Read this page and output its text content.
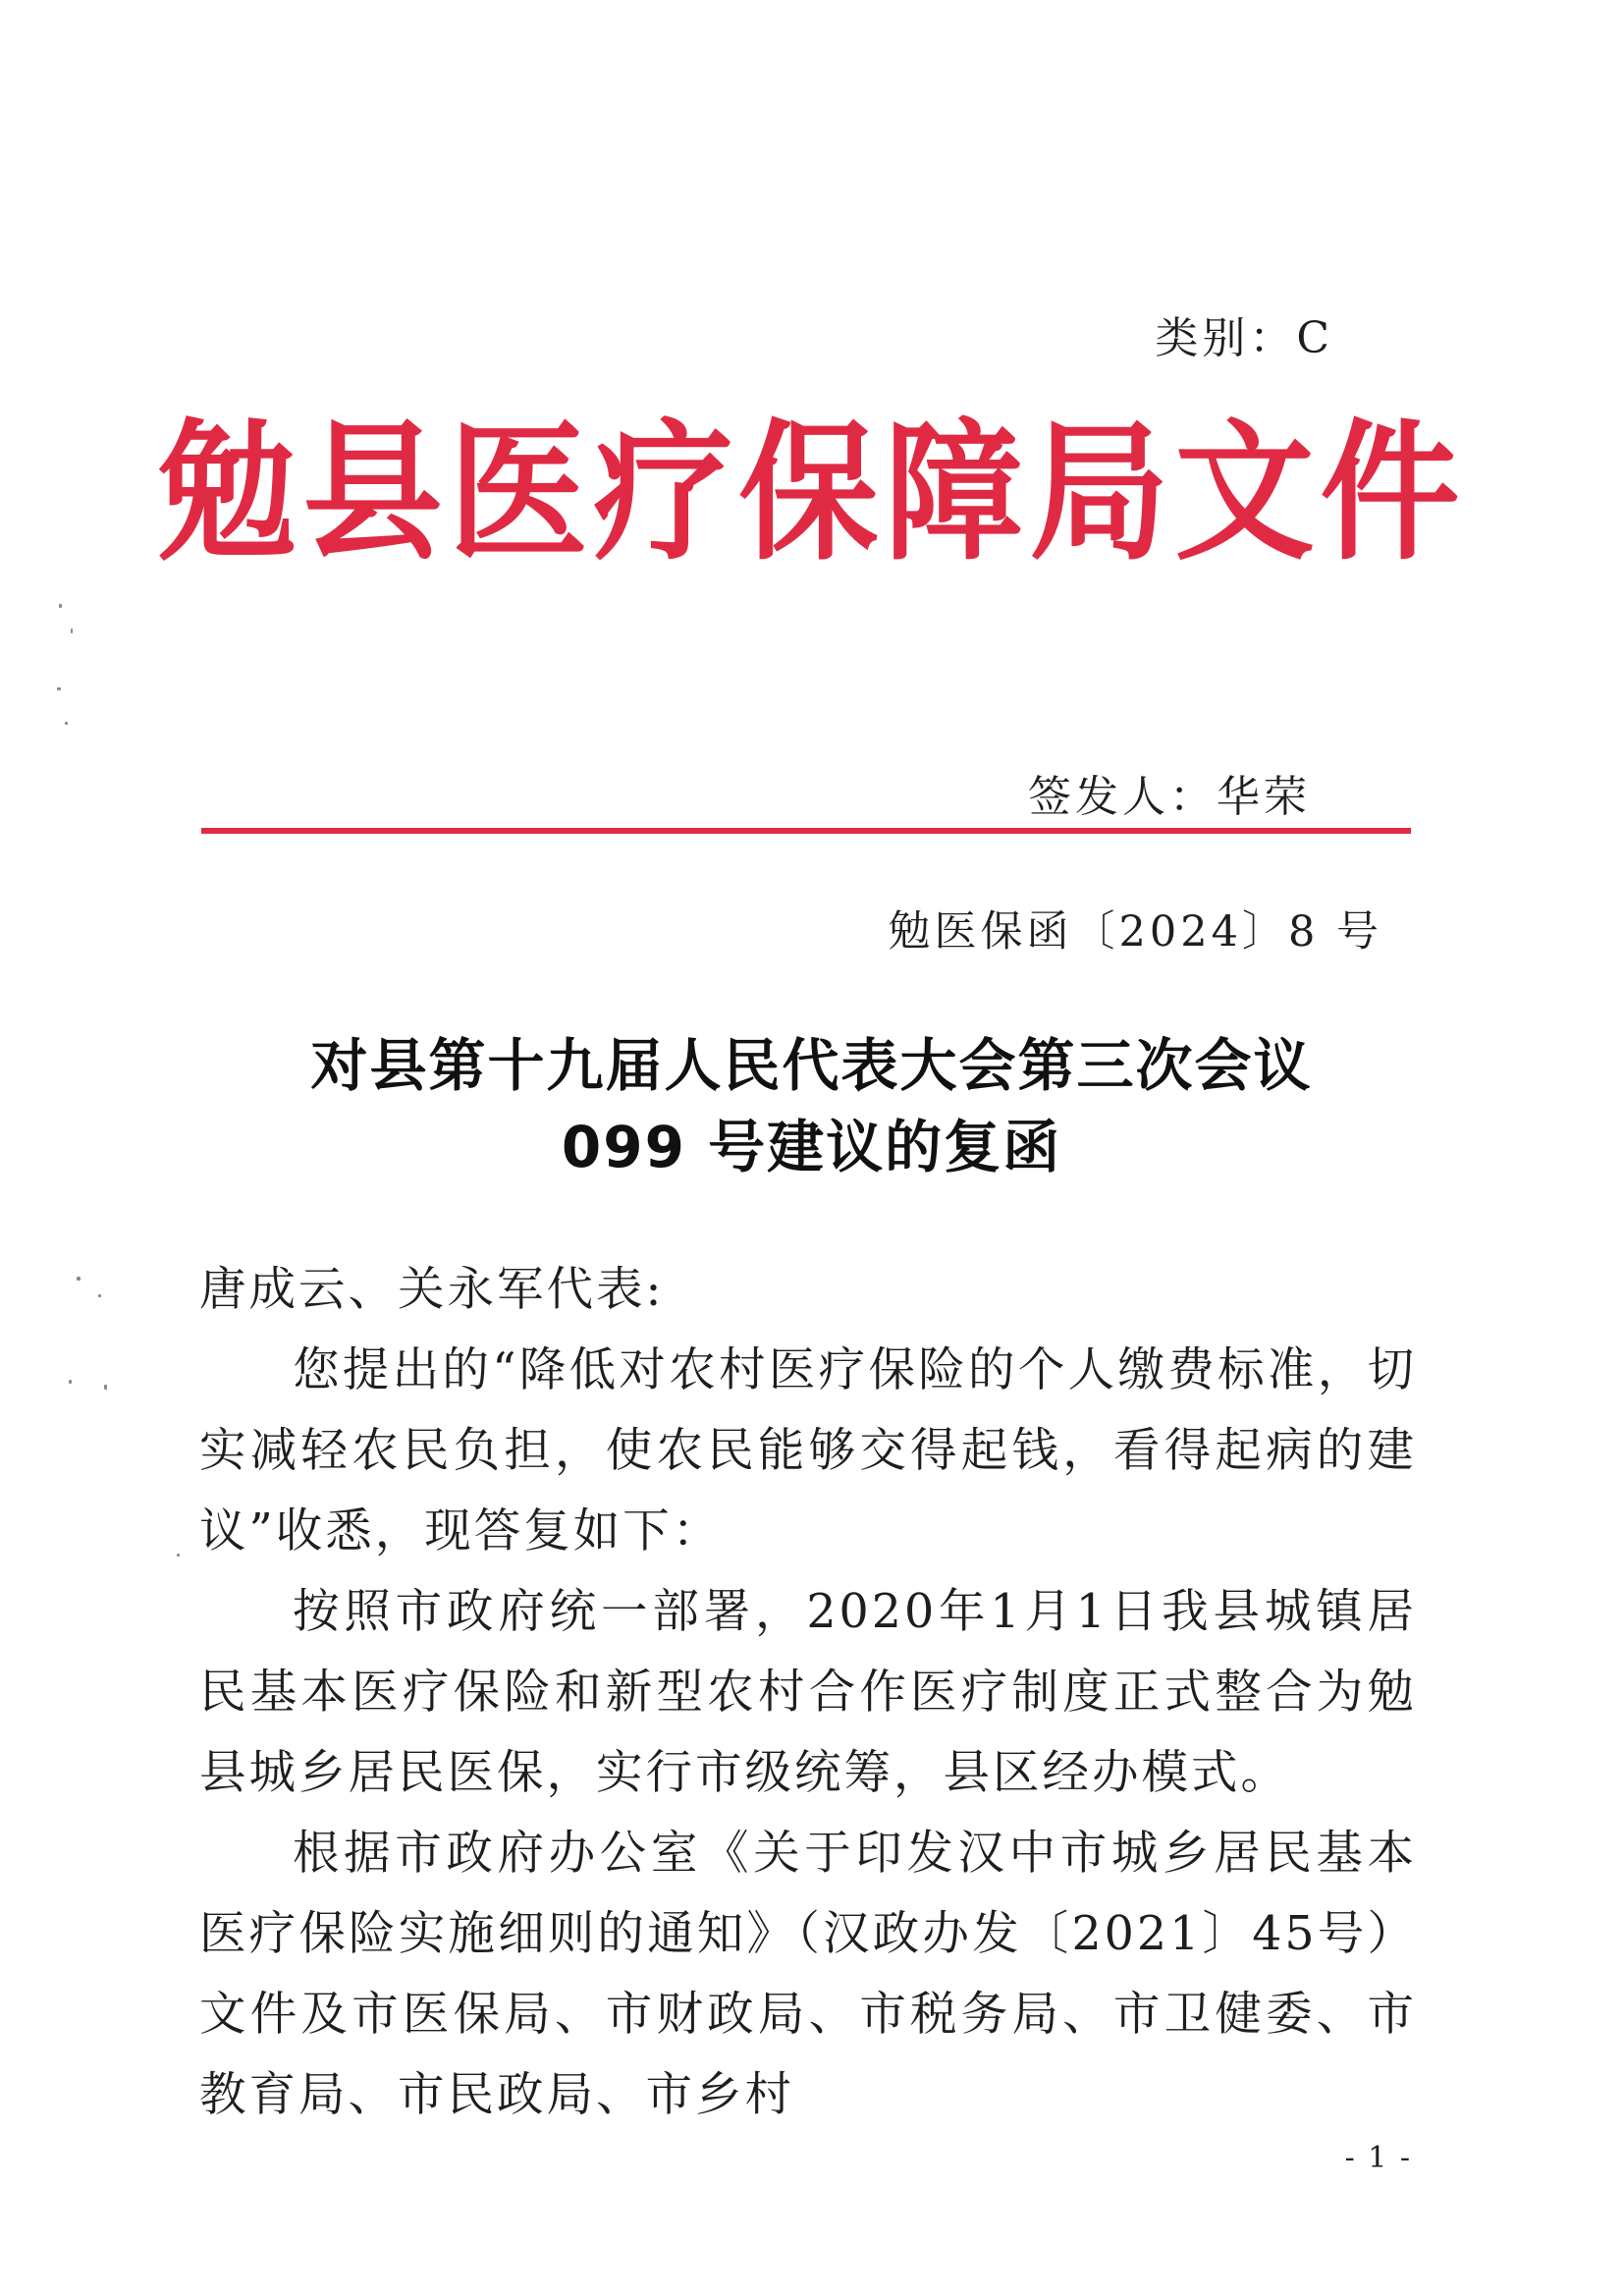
类别：C
勉县医疗保障局文件
签发人：华荣
勉医保函〔2024〕8 号
对县第十九届人民代表大会第三次会议
099 号建议的复函
唐成云、关永军代表:
您提出的“降低对农村医疗保险的个人缴费标准，切实减轻农民负担，使农民能够交得起钱，看得起病的建议”收悉，现答复如下：
按照市政府统一部署，2020年1月1日我县城镇居民基本医疗保险和新型农村合作医疗制度正式整合为勉县城乡居民医保，实行市级统筹，县区经办模式。
根据市政府办公室《关于印发汉中市城乡居民基本医疗保险实施细则的通知》（汉政办发〔2021〕45号）文件及市医保局、市财政局、市税务局、市卫健委、市教育局、市民政局、市乡村
- 1 -
